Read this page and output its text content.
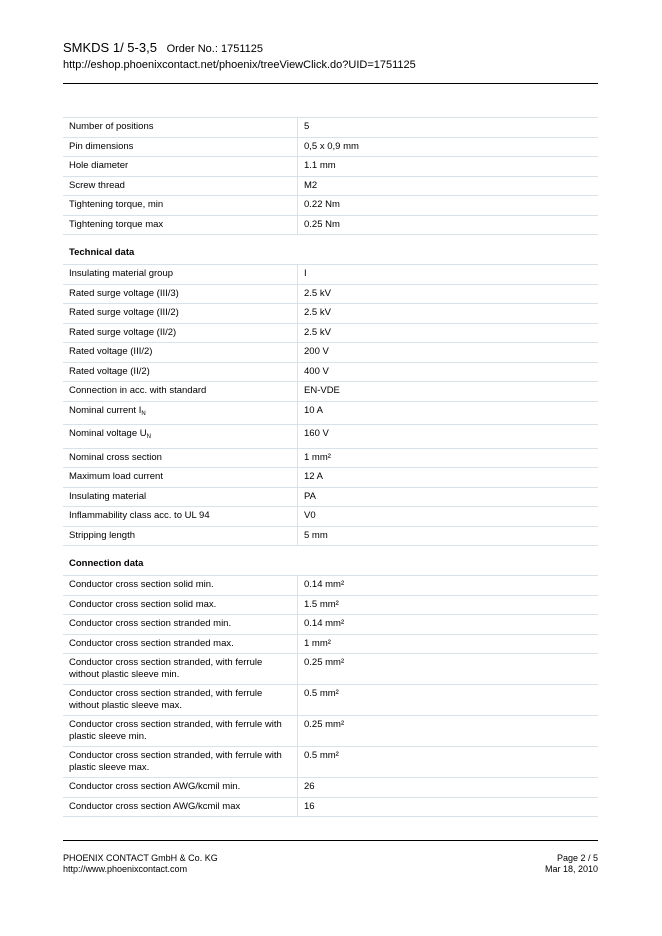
SMKDS 1/ 5-3,5 Order No.: 1751125
http://eshop.phoenixcontact.net/phoenix/treeViewClick.do?UID=1751125
Number of positions	5
Pin dimensions	0,5 x 0,9 mm
Hole diameter	1.1 mm
Screw thread	M2
Tightening torque, min	0.22 Nm
Tightening torque max	0.25 Nm
Technical data
Insulating material group	I
Rated surge voltage (III/3)	2.5 kV
Rated surge voltage (III/2)	2.5 kV
Rated surge voltage (II/2)	2.5 kV
Rated voltage (III/2)	200 V
Rated voltage (II/2)	400 V
Connection in acc. with standard	EN-VDE
Nominal current $I_N$	10 A
Nominal voltage $U_N$	160 V
Nominal cross section	1 mm²
Maximum load current	12 A
Insulating material	PA
Inflammability class acc. to UL 94	V0
Stripping length	5 mm
Connection data
Conductor cross section solid min.	0.14 mm²
Conductor cross section solid max.	1.5 mm²
Conductor cross section stranded min.	0.14 mm²
Conductor cross section stranded max.	1 mm²
Conductor cross section stranded, with ferrule without plastic sleeve min.	0.25 mm²
Conductor cross section stranded, with ferrule without plastic sleeve max.	0.5 mm²
Conductor cross section stranded, with ferrule with plastic sleeve min.	0.25 mm²
Conductor cross section stranded, with ferrule with plastic sleeve max.	0.5 mm²
Conductor cross section AWG/kcmil min.	26
Conductor cross section AWG/kcmil max	16
PHOENIX CONTACT GmbH & Co. KG
http://www.phoenixcontact.com
Page 2 / 5
Mar 18, 2010
